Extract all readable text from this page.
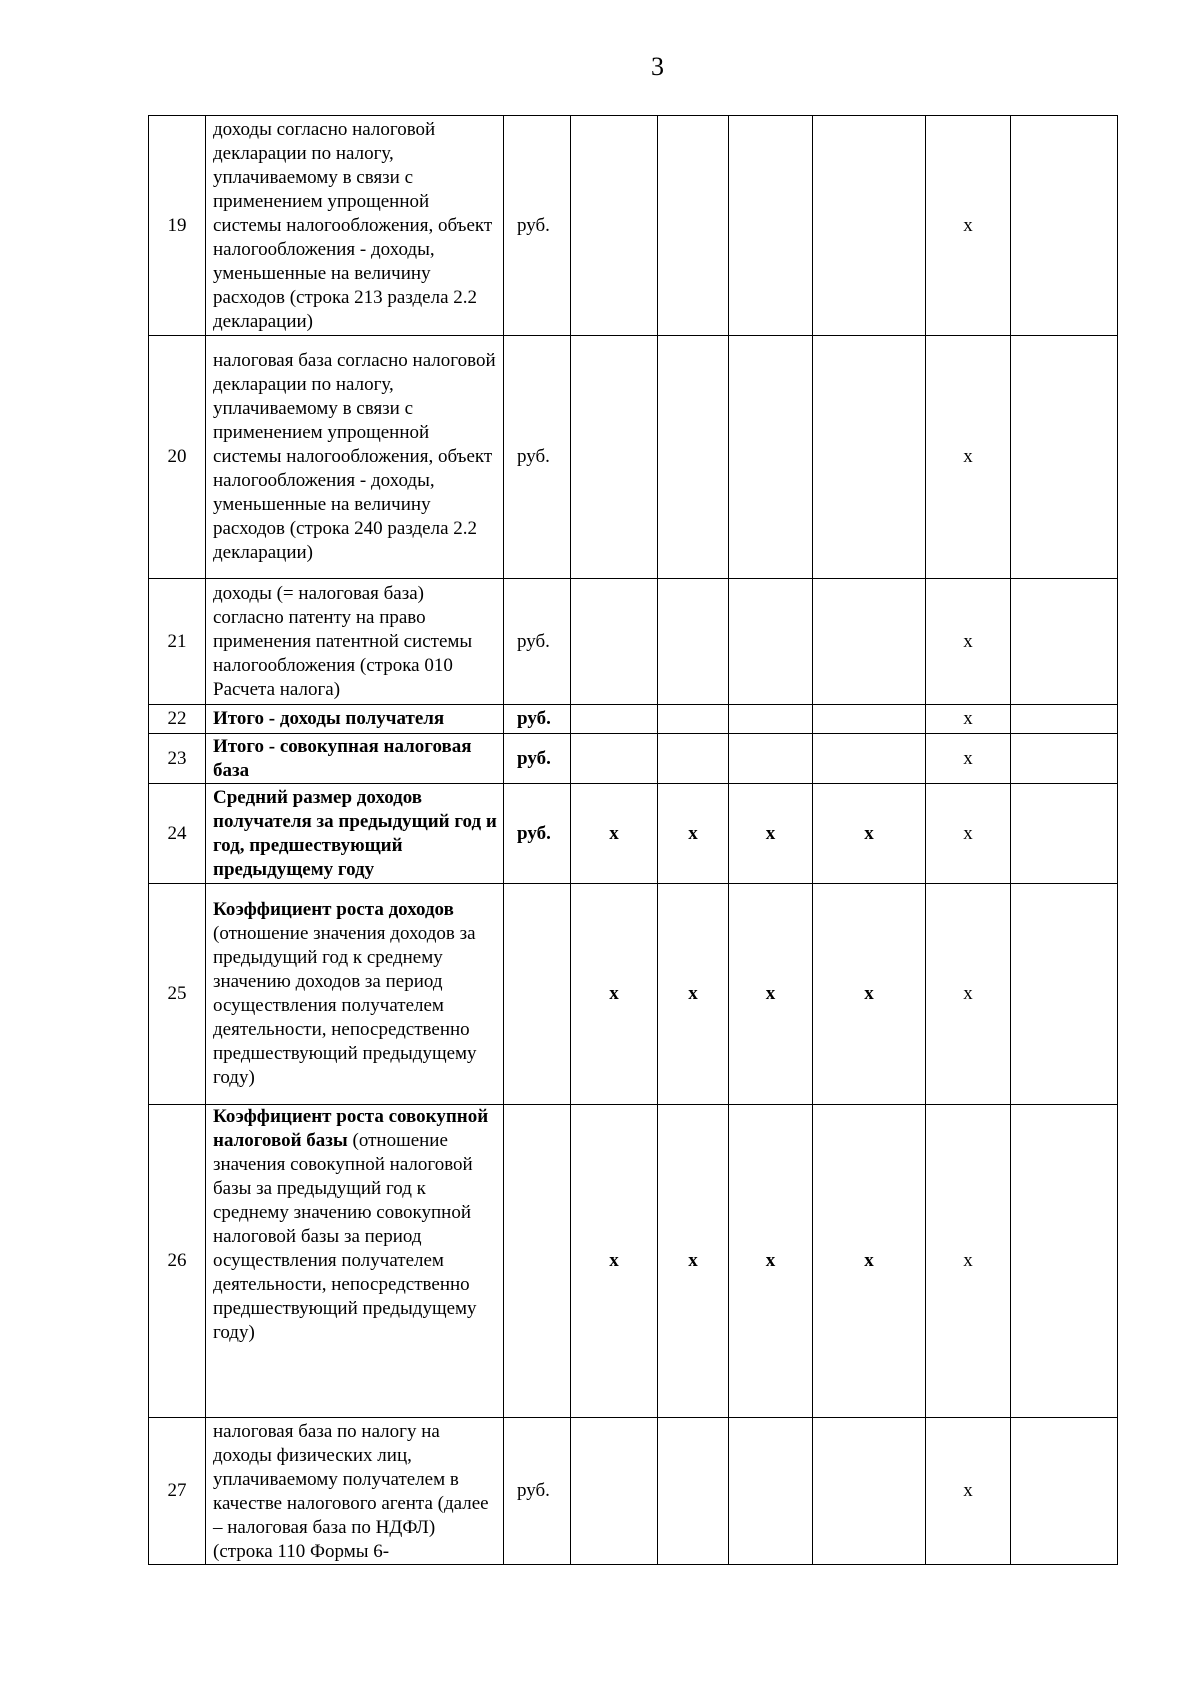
3
19	доходы согласно налоговой декларации по налогу, уплачиваемому в связи с применением упрощенной системы налогообложения, объект налогообложения - доходы, уменьшенные на величину расходов (строка 213 раздела 2.2 декларации)	руб.					x	
20	налоговая база согласно налоговой декларации по налогу, уплачиваемому в связи с применением упрощенной системы налогообложения, объект налогообложения - доходы, уменьшенные на величину расходов (строка 240 раздела 2.2 декларации)	руб.					x	
21	доходы (= налоговая база) согласно патенту на право применения патентной системы налогообложения (строка 010 Расчета налога)	руб.					x	
22	Итого - доходы получателя	руб.					x	
23	Итого - совокупная налоговая база	руб.					x	
24	Средний размер доходов получателя за предыдущий год и год, предшествующий предыдущему году	руб.	x	x	x	x	x	
25	Коэффициент роста доходов (отношение значения доходов за предыдущий год к среднему значению доходов за период осуществления получателем деятельности, непосредственно предшествующий предыдущему году)		x	x	x	x	x	
26	Коэффициент роста совокупной налоговой базы (отношение значения совокупной налоговой базы за предыдущий год к среднему значению совокупной налоговой базы за период осуществления получателем деятельности, непосредственно предшествующий предыдущему году)		x	x	x	x	x	
27	налоговая база по налогу на доходы физических лиц, уплачиваемому получателем в качестве налогового агента (далее – налоговая база по НДФЛ) (строка 110 Формы 6-	руб.					x	
